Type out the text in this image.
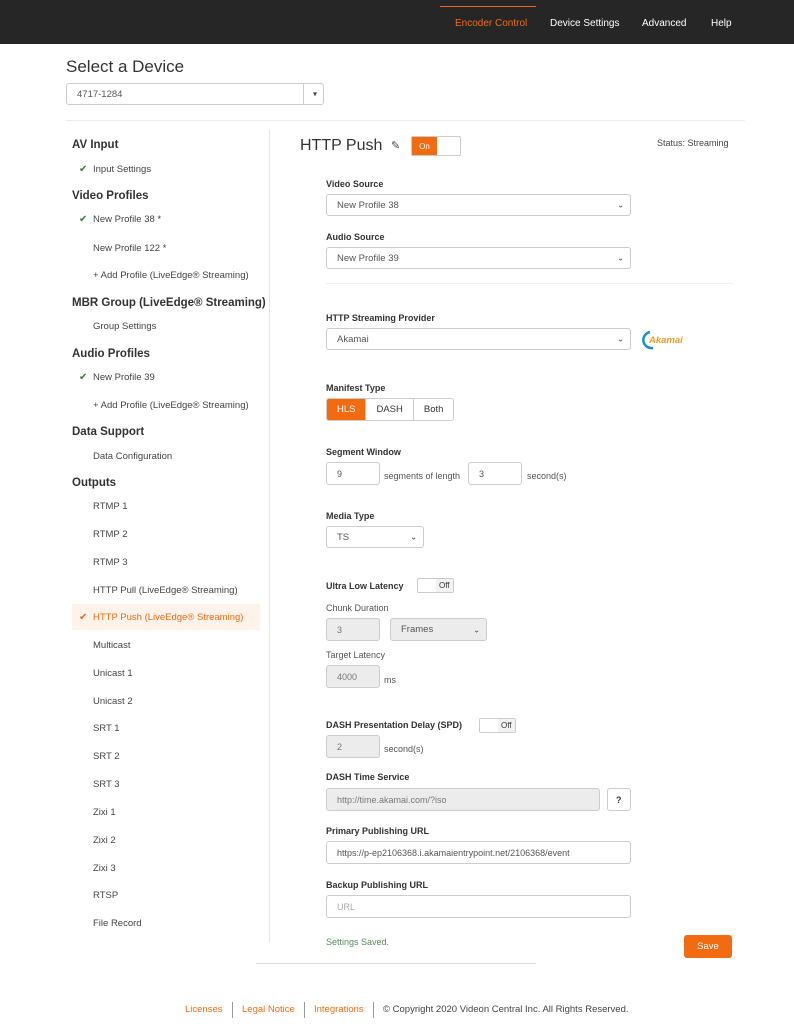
Encoder Control Device Settings Advanced Help
Select a Device
4717-1284	▾
AV Input
✔ Input Settings
Video Profiles
✔ New Profile 38 *
New Profile 122 *
+ Add Profile (LiveEdge® Streaming)
MBR Group (LiveEdge® Streaming)
Group Settings
Audio Profiles
✔ New Profile 39
+ Add Profile (LiveEdge® Streaming)
Data Support
Data Configuration
Outputs
RTMP 1
RTMP 2
RTMP 3
HTTP Pull (LiveEdge® Streaming)
✔ HTTP Push (LiveEdge® Streaming)
Multicast
Unicast 1
Unicast 2
SRT 1
SRT 2
SRT 3
Zixi 1
Zixi 2
Zixi 3
RTSP
File Record
HTTP Push ✎	On	Status: Streaming
Video Source
New Profile 38	⌄
Audio Source
New Profile 39	⌄
HTTP Streaming Provider
Akamai	⌄	Akamai
Manifest Type
HLS	DASH	Both
Segment Window
9	segments of length	3	second(s)
Media Type
TS	⌄
Ultra Low Latency	Off
Chunk Duration
3	Frames	⌄
Target Latency
4000	ms
DASH Presentation Delay (SPD)	Off
2	second(s)
DASH Time Service
http://time.akamai.com/?iso	?
Primary Publishing URL
https://p-ep2106368.i.akamaientrypoint.net/2106368/event
Backup Publishing URL
URL
Settings Saved.	Save
Licenses Legal Notice Integrations © Copyright 2020 Videon Central Inc. All Rights Reserved.
